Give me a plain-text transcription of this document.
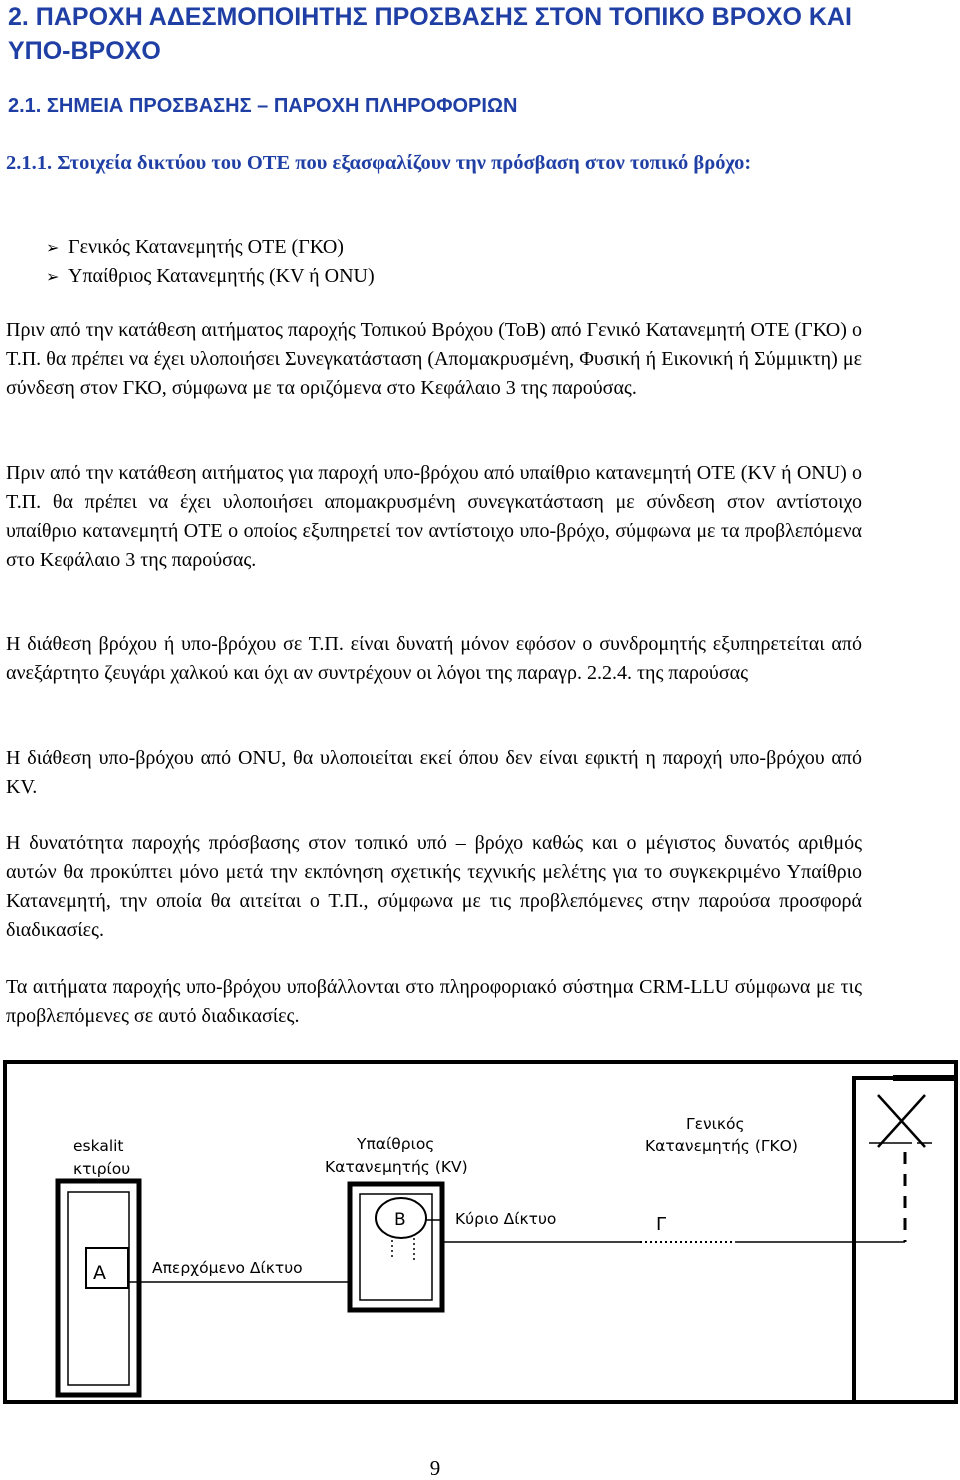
2. ΠΑΡΟΧΗ ΑΔΕΣΜΟΠΟΙΗΤΗΣ ΠΡΟΣΒΑΣΗΣ ΣΤΟΝ ΤΟΠΙΚΟ ΒΡΟΧΟ ΚΑΙ ΥΠΟ-ΒΡΟΧΟ
2.1. ΣΗΜΕΙΑ ΠΡΟΣΒΑΣΗΣ – ΠΑΡΟΧΗ ΠΛΗΡΟΦΟΡΙΩΝ
2.1.1. Στοιχεία δικτύου του ΟΤΕ που εξασφαλίζουν την πρόσβαση στον τοπικό βρόχο:
➢ Γενικός Κατανεμητής ΟΤΕ (ΓΚΟ)
➢ Υπαίθριος Κατανεμητής (KV ή ONU)

Πριν από την κατάθεση αιτήματος παροχής Τοπικού Βρόχου (ΤοΒ) από Γενικό Κατανεμητή ΟΤΕ (ΓΚΟ) ο Τ.Π. θα πρέπει να έχει υλοποιήσει Συνεγκατάσταση (Απομακρυσμένη, Φυσική ή Εικονική ή Σύμμικτη) με σύνδεση στον ΓΚΟ, σύμφωνα με τα οριζόμενα στο Κεφάλαιο 3 της παρούσας.

Πριν από την κατάθεση αιτήματος για παροχή υπο-βρόχου από υπαίθριο κατανεμητή ΟΤΕ (KV ή ONU) ο Τ.Π. θα πρέπει να έχει υλοποιήσει απομακρυσμένη συνεγκατάσταση με σύνδεση στον αντίστοιχο υπαίθριο κατανεμητή ΟΤΕ ο οποίος εξυπηρετεί τον αντίστοιχο υπο-βρόχο, σύμφωνα με τα προβλεπόμενα στο Κεφάλαιο 3 της παρούσας.

Η διάθεση βρόχου ή υπο-βρόχου σε Τ.Π. είναι δυνατή μόνον εφόσον ο συνδρομητής εξυπηρετείται από ανεξάρτητο ζευγάρι χαλκού και όχι αν συντρέχουν οι λόγοι της παραγρ. 2.2.4. της παρούσας

Η διάθεση υπο-βρόχου από ONU, θα υλοποιείται εκεί όπου δεν είναι εφικτή η παροχή υπο-βρόχου από KV.

Η δυνατότητα παροχής πρόσβασης στον τοπικό υπό – βρόχο καθώς και ο μέγιστος δυνατός αριθμός αυτών θα προκύπτει μόνο μετά την εκπόνηση σχετικής τεχνικής μελέτης για το συγκεκριμένο Υπαίθριο Κατανεμητή, την οποία θα αιτείται ο Τ.Π., σύμφωνα με τις προβλεπόμενες στην παρούσα προσφορά διαδικασίες.

Τα αιτήματα παροχής υπο-βρόχου υποβάλλονται στο πληροφοριακό σύστημα CRM-LLU σύμφωνα με τις προβλεπόμενες σε αυτό διαδικασίες.

eskalit
κτιρίου
A	Απερχόμενο Δίκτυο
Υπαίθριος
Κατανεμητής (KV)
B	Κύριο Δίκτυο	Γ
Γενικός
Κατανεμητής (ΓΚΟ)
9
